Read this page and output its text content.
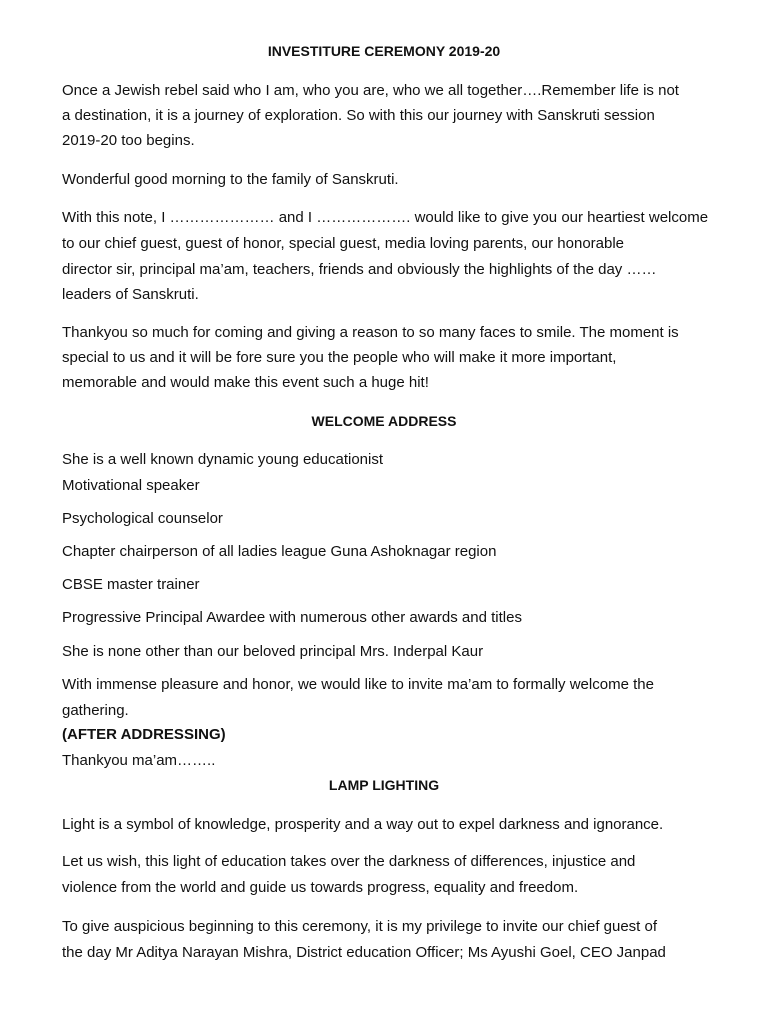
INVESTITURE CEREMONY 2019-20
Once a Jewish rebel said who I am, who you are, who we all together….Remember life is not
a destination, it is a journey of exploration. So with this our journey with Sanskruti session
2019-20 too begins.
Wonderful good morning to the family of Sanskruti.
With this note, I ………………… and I ………………. would like to give you our heartiest welcome
to our chief guest, guest of honor, special guest, media loving parents, our honorable
director sir, principal ma’am, teachers, friends and obviously the highlights of the day ……
leaders of Sanskruti.
Thankyou so much for coming and giving a reason to so many faces to smile. The moment is
special to us and it will be fore sure you the people who will make it more important,
memorable and would make this event such a huge hit!
WELCOME ADDRESS
She is a well known dynamic young educationist
Motivational speaker
Psychological counselor
Chapter chairperson of all ladies league Guna Ashoknagar region
CBSE master trainer
Progressive Principal Awardee with numerous other awards and titles
She is none other than our beloved principal Mrs. Inderpal Kaur
With immense pleasure and honor, we would like to invite ma’am to formally welcome the
gathering.
(AFTER ADDRESSING)
Thankyou ma’am……..
LAMP LIGHTING
Light is a symbol of knowledge, prosperity and a way out to expel darkness and ignorance.
Let us wish, this light of education takes over the darkness of differences, injustice and
violence from the world and guide us towards progress, equality and freedom.
To give auspicious beginning to this ceremony, it is my privilege to invite our chief guest of
the day Mr Aditya Narayan Mishra, District education Officer; Ms Ayushi Goel, CEO Janpad
